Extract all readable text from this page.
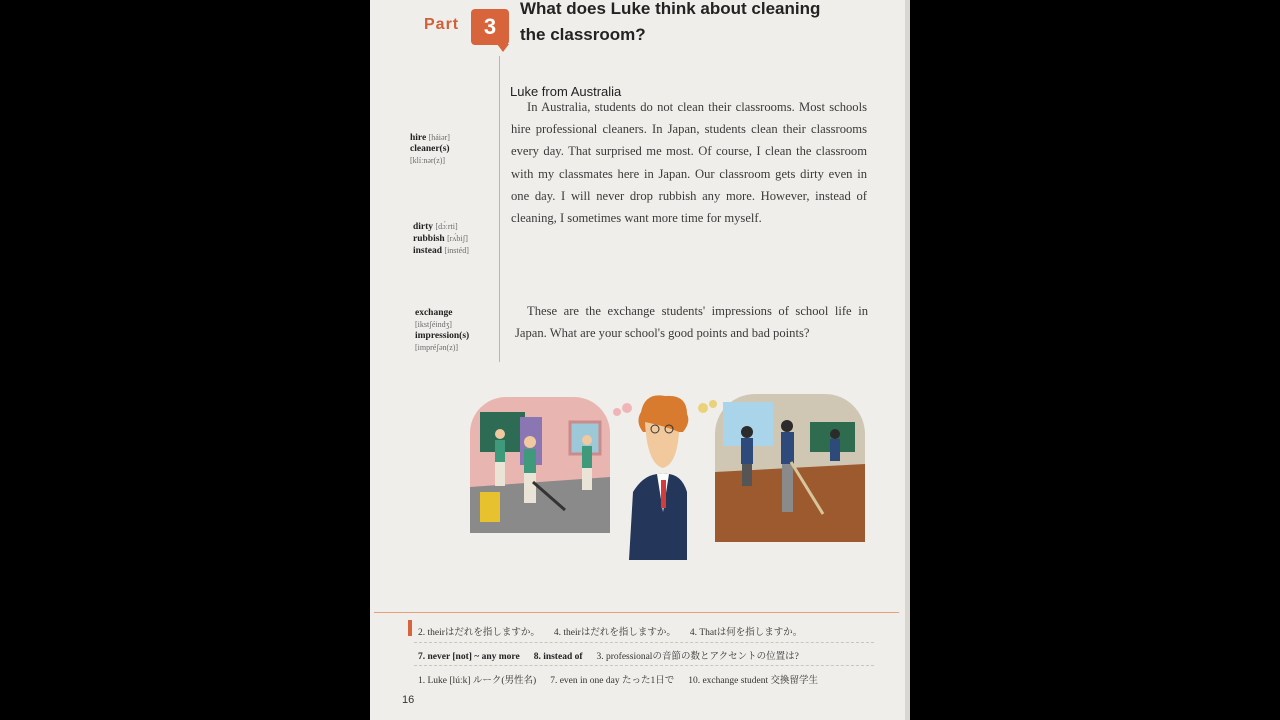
Part	3
What does Luke think about cleaning the classroom?
hire [háiər]
cleaner(s)
[klíːnər(z)]
dirty [dɔ́ːrti]
rubbish [rʌ́biʃ]
instead [instéd]
exchange
[ikstʃéindʒ]
impression(s)
[impréʃən(z)]
Luke from Australia

In Australia, students do not clean their classrooms. Most schools hire professional cleaners. In Japan, students clean their classrooms every day. That surprised me most. Of course, I clean the classroom with my classmates here in Japan. Our classroom gets dirty even in one day. I will never drop rubbish any more. However, instead of cleaning, I sometimes want more time for myself.

These are the exchange students' impressions of school life in Japan. What are your school's good points and bad points?

2. theirはだれを指しますか。 4. theirはだれを指しますか。 4. Thatは何を指しますか。
7. never [not] ~ any more 8. instead of 3. professionalの音節の数とアクセントの位置は?
1. Luke [lúːk] ルーク(男性名) 7. even in one day たった1日で 10. exchange student 交換留学生
16
